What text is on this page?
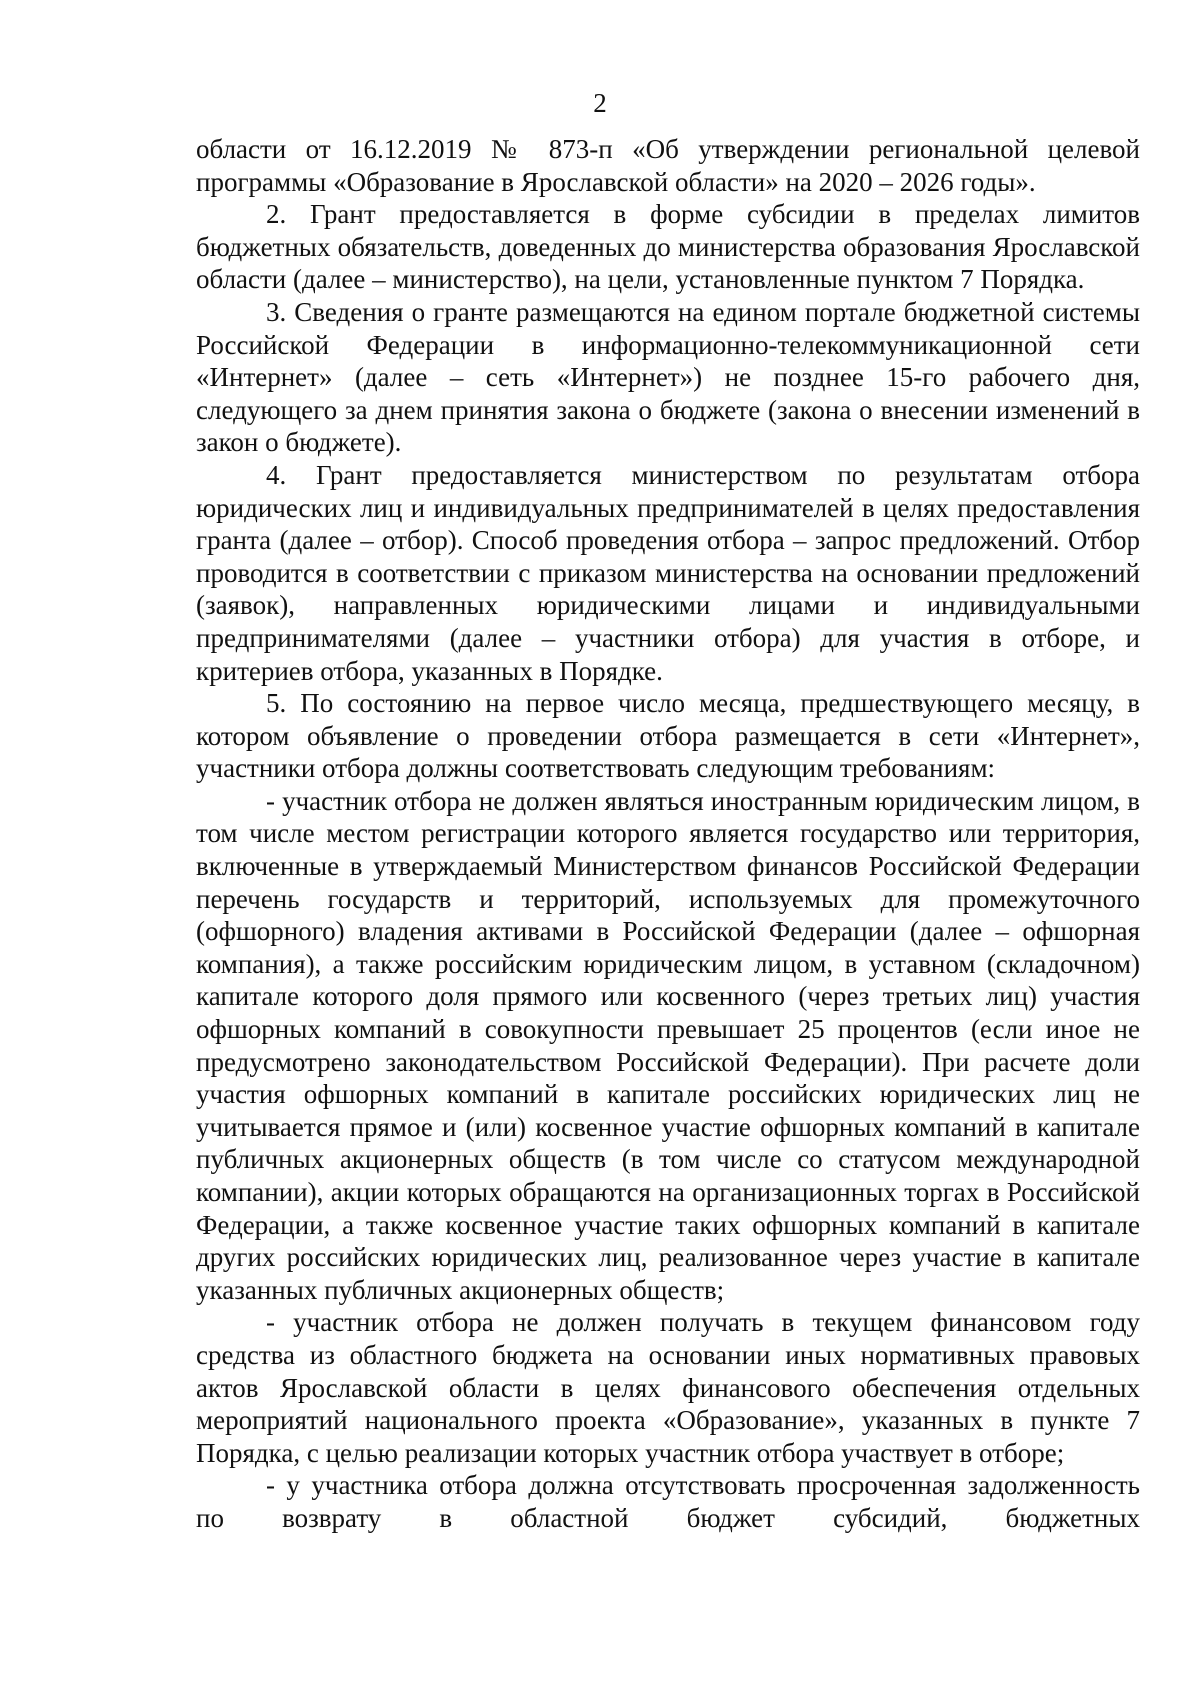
2

области от 16.12.2019 № 873-п «Об утверждении региональной целевой программы «Образование в Ярославской области» на 2020 – 2026 годы».

2. Грант предоставляется в форме субсидии в пределах лимитов бюджетных обязательств, доведенных до министерства образования Ярославской области (далее – министерство), на цели, установленные пунктом 7 Порядка.

3. Сведения о гранте размещаются на едином портале бюджетной системы Российской Федерации в информационно-телекоммуникационной сети «Интернет» (далее – сеть «Интернет») не позднее 15-го рабочего дня, следующего за днем принятия закона о бюджете (закона о внесении изменений в закон о бюджете).

4. Грант предоставляется министерством по результатам отбора юридических лиц и индивидуальных предпринимателей в целях предоставления гранта (далее – отбор). Способ проведения отбора – запрос предложений. Отбор проводится в соответствии с приказом министерства на основании предложений (заявок), направленных юридическими лицами и индивидуальными предпринимателями (далее – участники отбора) для участия в отборе, и критериев отбора, указанных в Порядке.

5. По состоянию на первое число месяца, предшествующего месяцу, в котором объявление о проведении отбора размещается в сети «Интернет», участники отбора должны соответствовать следующим требованиям:

- участник отбора не должен являться иностранным юридическим лицом, в том числе местом регистрации которого является государство или территория, включенные в утверждаемый Министерством финансов Российской Федерации перечень государств и территорий, используемых для промежуточного (офшорного) владения активами в Российской Федерации (далее – офшорная компания), а также российским юридическим лицом, в уставном (складочном) капитале которого доля прямого или косвенного (через третьих лиц) участия офшорных компаний в совокупности превышает 25 процентов (если иное не предусмотрено законодательством Российской Федерации). При расчете доли участия офшорных компаний в капитале российских юридических лиц не учитывается прямое и (или) косвенное участие офшорных компаний в капитале публичных акционерных обществ (в том числе со статусом международной компании), акции которых обращаются на организационных торгах в Российской Федерации, а также косвенное участие таких офшорных компаний в капитале других российских юридических лиц, реализованное через участие в капитале указанных публичных акционерных обществ;

- участник отбора не должен получать в текущем финансовом году средства из областного бюджета на основании иных нормативных правовых актов Ярославской области в целях финансового обеспечения отдельных мероприятий национального проекта «Образование», указанных в пункте 7 Порядка, с целью реализации которых участник отбора участвует в отборе;

- у участника отбора должна отсутствовать просроченная задолженность по возврату в областной бюджет субсидий, бюджетных
